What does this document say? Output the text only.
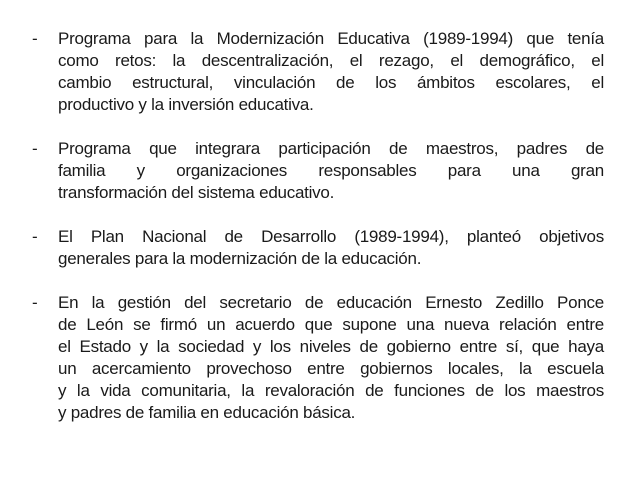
- Programa para la Modernización Educativa (1989-1994) que tenía
como retos: la descentralización, el rezago, el demográfico, el
cambio estructural, vinculación de los ámbitos escolares, el
productivo y la inversión educativa.
- Programa que integrara participación de maestros, padres de
familia y organizaciones responsables para una gran
transformación del sistema educativo.
- El Plan Nacional de Desarrollo (1989-1994), planteó objetivos
generales para la modernización de la educación.
- En la gestión del secretario de educación Ernesto Zedillo Ponce
de León se firmó un acuerdo que supone una nueva relación entre
el Estado y la sociedad y los niveles de gobierno entre sí, que haya
un acercamiento provechoso entre gobiernos locales, la escuela
y la vida comunitaria, la revaloración de funciones de los maestros
y padres de familia en educación básica.
